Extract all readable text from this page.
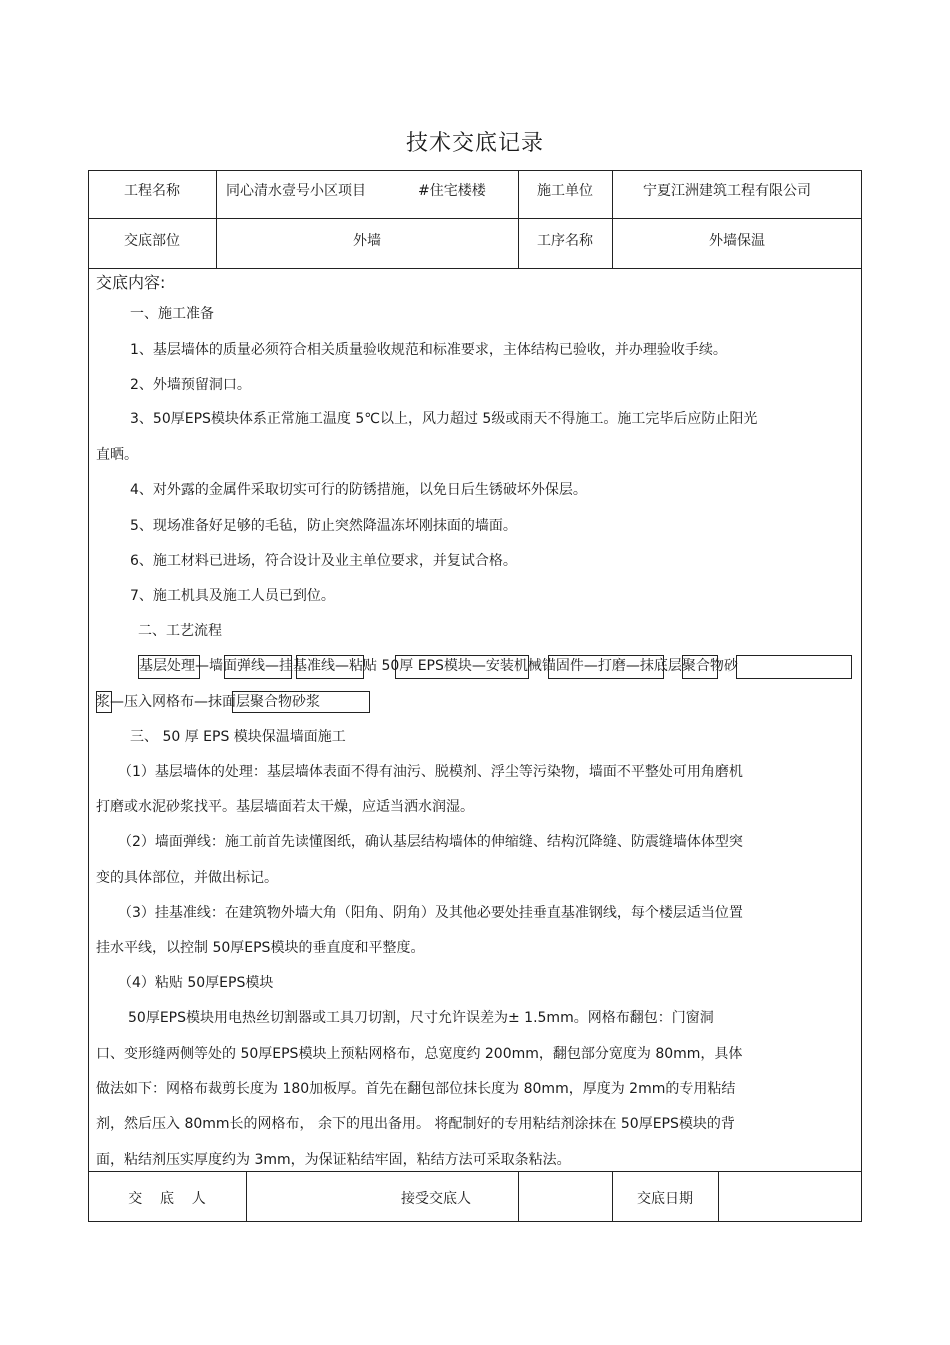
技术交底记录
工程名称	同心清水壹号小区项目	#住宅楼楼	施工单位	宁夏江洲建筑工程有限公司
交底部位	外墙	工序名称	外墙保温
交底内容:
一、施工准备
1、基层墙体的质量必须符合相关质量验收规范和标准要求，主体结构已验收，并办理验收手续。
2、外墙预留洞口。
3、50厚EPS模块体系正常施工温度 5℃以上，风力超过 5级或雨天不得施工。施工完毕后应防止阳光
直晒。
4、对外露的金属件采取切实可行的防锈措施，以免日后生锈破坏外保层。
5、现场准备好足够的毛毡，防止突然降温冻坏刚抹面的墙面。
6、施工材料已进场，符合设计及业主单位要求，并复试合格。
7、施工机具及施工人员已到位。
二、工艺流程
基层处理—墙面弹线—挂基准线—粘贴 50厚 EPS模块—安装机械锚固件—打磨—抹底层聚合物砂
浆—压入网格布—抹面层聚合物砂浆
三、 50 厚 EPS 模块保温墙面施工
（1）基层墙体的处理：基层墙体表面不得有油污、脱模剂、浮尘等污染物，墙面不平整处可用角磨机
打磨或水泥砂浆找平。基层墙面若太干燥，应适当洒水润湿。
（2）墙面弹线：施工前首先读懂图纸，确认基层结构墙体的伸缩缝、结构沉降缝、防震缝墙体体型突
变的具体部位，并做出标记。
（3）挂基准线：在建筑物外墙大角（阳角、阴角）及其他必要处挂垂直基准钢线，每个楼层适当位置
挂水平线，以控制 50厚EPS模块的垂直度和平整度。
（4）粘贴 50厚EPS模块
50厚EPS模块用电热丝切割器或工具刀切割，尺寸允许误差为± 1.5mm。网格布翻包：门窗洞
口、变形缝两侧等处的 50厚EPS模块上预粘网格布，总宽度约 200mm，翻包部分宽度为 80mm，具体
做法如下：网格布裁剪长度为 180加板厚。首先在翻包部位抹长度为 80mm，厚度为 2mm的专用粘结
剂，然后压入 80mm长的网格布， 余下的甩出备用。 将配制好的专用粘结剂涂抹在 50厚EPS模块的背
面，粘结剂压实厚度约为 3mm，为保证粘结牢固，粘结方法可采取条粘法。
交    底    人	接受交底人	交底日期
